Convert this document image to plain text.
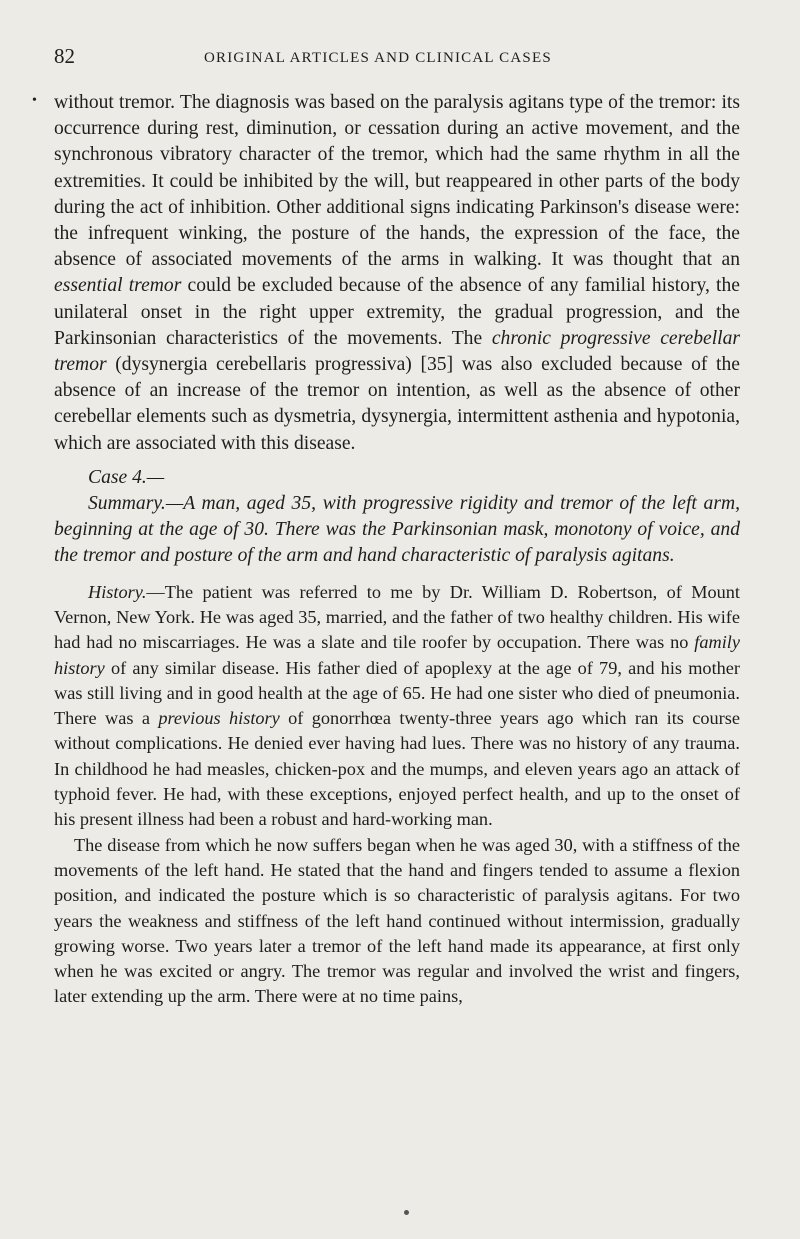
82	ORIGINAL ARTICLES AND CLINICAL CASES
• without tremor. The diagnosis was based on the paralysis agitans type of the tremor: its occurrence during rest, diminution, or cessation during an active movement, and the synchronous vibratory character of the tremor, which had the same rhythm in all the extremities. It could be inhibited by the will, but reappeared in other parts of the body during the act of inhibition. Other additional signs indicating Parkinson's disease were: the infrequent winking, the posture of the hands, the expression of the face, the absence of associated movements of the arms in walking. It was thought that an essential tremor could be excluded because of the absence of any familial history, the unilateral onset in the right upper extremity, the gradual progression, and the Parkinsonian characteristics of the movements. The chronic progressive cerebellar tremor (dysynergia cerebellaris progressiva) [35] was also excluded because of the absence of an increase of the tremor on intention, as well as the absence of other cerebellar elements such as dysmetria, dysynergia, intermittent asthenia and hypotonia, which are associated with this disease.

Case 4.—

Summary.—A man, aged 35, with progressive rigidity and tremor of the left arm, beginning at the age of 30. There was the Parkinsonian mask, monotony of voice, and the tremor and posture of the arm and hand characteristic of paralysis agitans.

History.—The patient was referred to me by Dr. William D. Robertson, of Mount Vernon, New York. He was aged 35, married, and the father of two healthy children. His wife had had no miscarriages. He was a slate and tile roofer by occupation. There was no family history of any similar disease. His father died of apoplexy at the age of 79, and his mother was still living and in good health at the age of 65. He had one sister who died of pneumonia. There was a previous history of gonorrhœa twenty-three years ago which ran its course without complications. He denied ever having had lues. There was no history of any trauma. In childhood he had measles, chicken-pox and the mumps, and eleven years ago an attack of typhoid fever. He had, with these exceptions, enjoyed perfect health, and up to the onset of his present illness had been a robust and hard-working man.

The disease from which he now suffers began when he was aged 30, with a stiffness of the movements of the left hand. He stated that the hand and fingers tended to assume a flexion position, and indicated the posture which is so characteristic of paralysis agitans. For two years the weakness and stiffness of the left hand continued without intermission, gradually growing worse. Two years later a tremor of the left hand made its appearance, at first only when he was excited or angry. The tremor was regular and involved the wrist and fingers, later extending up the arm. There were at no time pains,
